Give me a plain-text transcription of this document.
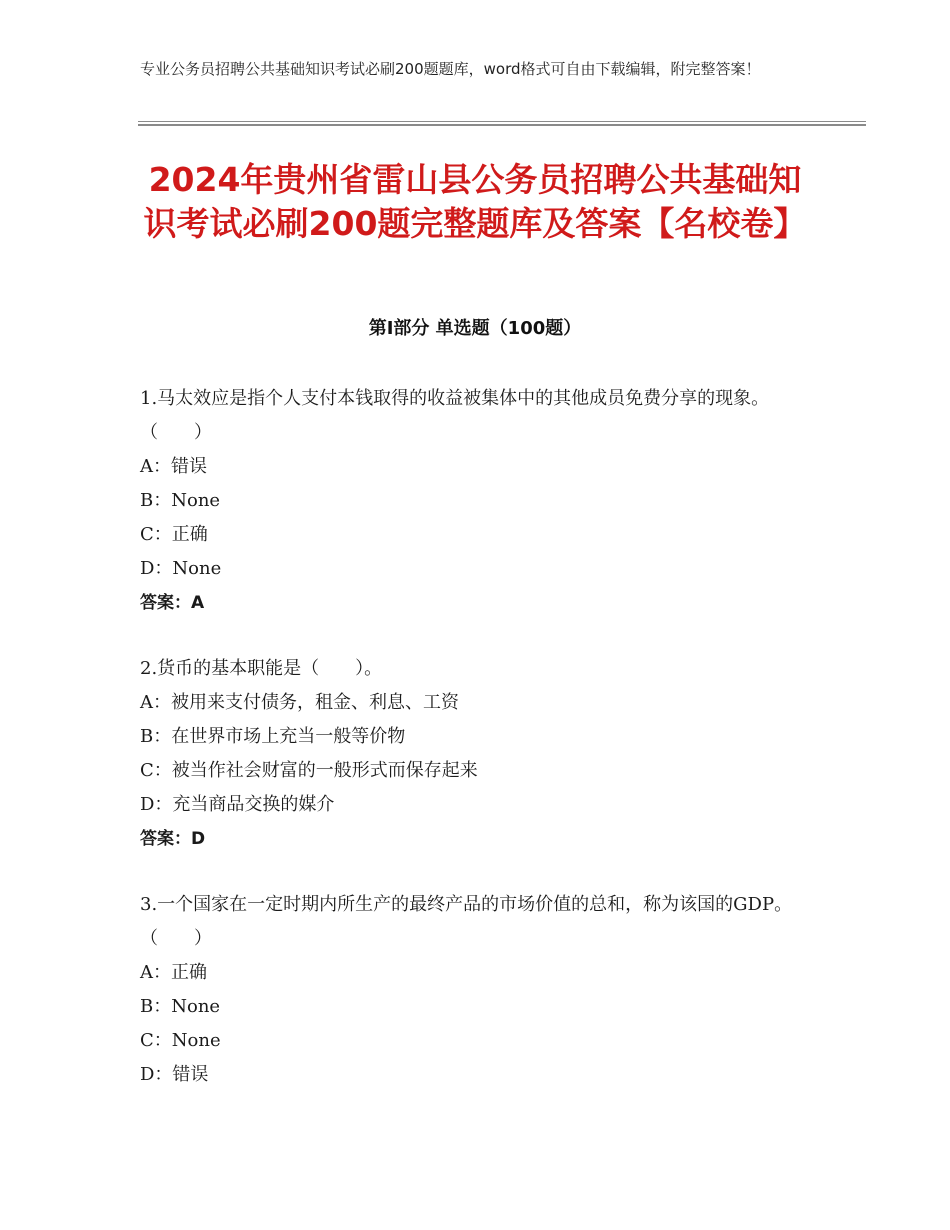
专业公务员招聘公共基础知识考试必刷200题题库，word格式可自由下载编辑，附完整答案！
2024年贵州省雷山县公务员招聘公共基础知识考试必刷200题完整题库及答案【名校卷】
第Ⅰ部分 单选题（100题）

1.马太效应是指个人支付本钱取得的收益被集体中的其他成员免费分享的现象。（　　）

A：错误

B：None

C：正确

D：None

答案：A

2.货币的基本职能是（　　）。

A：被用来支付债务，租金、利息、工资

B：在世界市场上充当一般等价物

C：被当作社会财富的一般形式而保存起来

D：充当商品交换的媒介

答案：D

3.一个国家在一定时期内所生产的最终产品的市场价值的总和，称为该国的GDP。（　　）

A：正确

B：None

C：None

D：错误
